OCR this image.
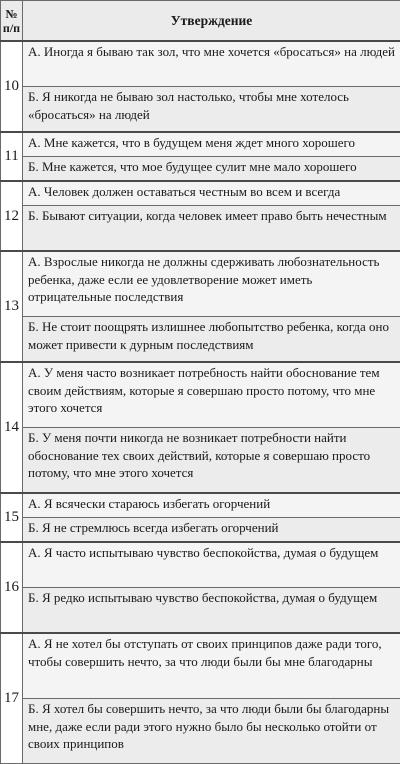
№ п/п	Утверждение
10	А. Иногда я бываю так зол, что мне хочется «бросаться» на людей
	Б. Я никогда не бываю зол настолько, чтобы мне хотелось «бросаться» на людей
11	А. Мне кажется, что в будущем меня ждет много хорошего
	Б. Мне кажется, что мое будущее сулит мне мало хорошего
12	А. Человек должен оставаться честным во всем и всегда
	Б. Бывают ситуации, когда человек имеет право быть нечестным
13	А. Взрослые никогда не должны сдерживать любознательность ребенка, даже если ее удовлетворение может иметь отрицательные последствия
	Б. Не стоит поощрять излишнее любопытство ребенка, когда оно может привести к дурным последствиям
14	А. У меня часто возникает потребность найти обоснование тем своим действиям, которые я совершаю просто потому, что мне этого хочется
	Б. У меня почти никогда не возникает потребности найти обоснование тех своих действий, которые я совершаю просто потому, что мне этого хочется
15	А. Я всячески стараюсь избегать огорчений
	Б. Я не стремлюсь всегда избегать огорчений
16	А. Я часто испытываю чувство беспокойства, думая о будущем
	Б. Я редко испытываю чувство беспокойства, думая о будущем
17	А. Я не хотел бы отступать от своих принципов даже ради того, чтобы совершить нечто, за что люди были бы мне благодарны
	Б. Я хотел бы совершить нечто, за что люди были бы благодарны мне, даже если ради этого нужно было бы несколько отойти от своих принципов
